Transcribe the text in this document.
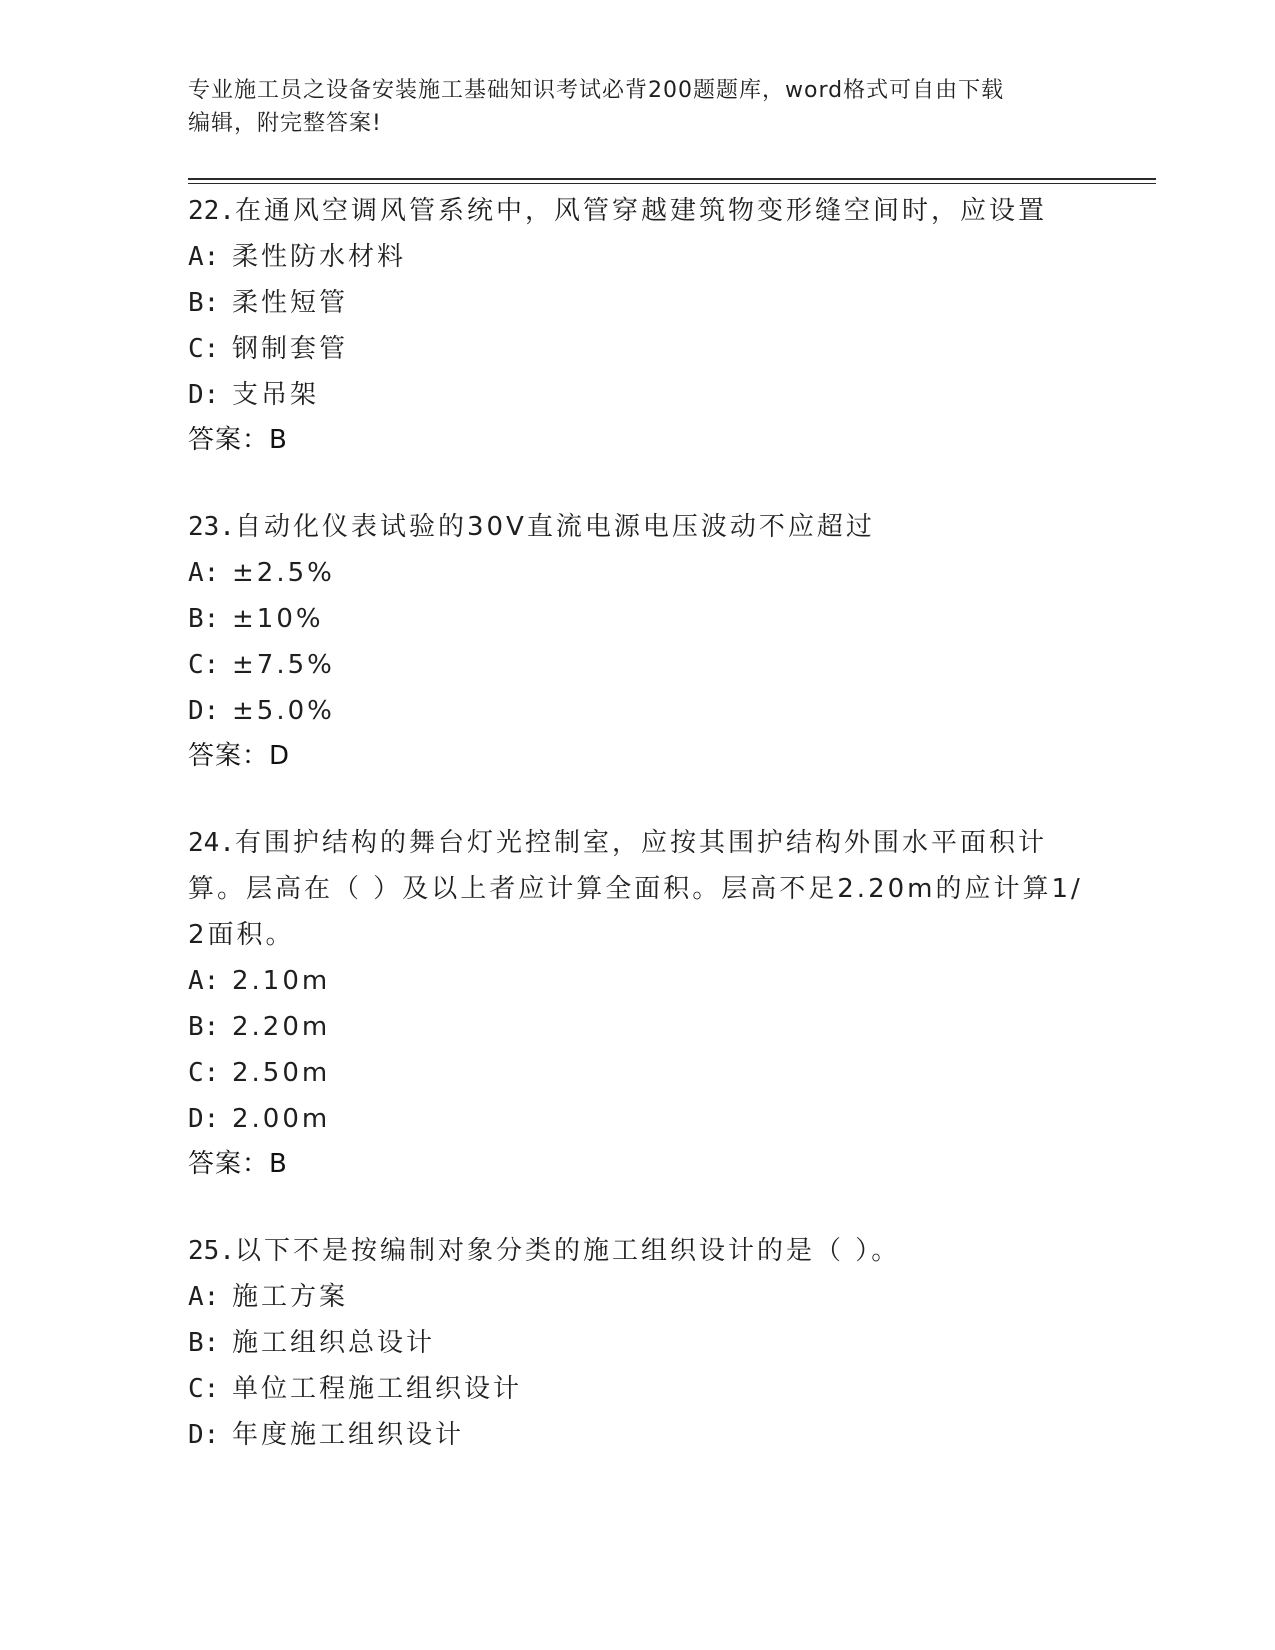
专业施工员之设备安装施工基础知识考试必背200题题库，word格式可自由下载
编辑，附完整答案!
22.在通风空调风管系统中，风管穿越建筑物变形缝空间时，应设置
A: 柔性防水材料
B: 柔性短管
C: 钢制套管
D: 支吊架
答案：B
23.自动化仪表试验的30V直流电源电压波动不应超过
A: ±2.5%
B: ±10%
C: ±7.5%
D: ±5.0%
答案：D
24.有围护结构的舞台灯光控制室，应按其围护结构外围水平面积计算。层高在（ ）及以上者应计算全面积。层高不足2.20m的应计算1/2面积。
A: 2.10m
B: 2.20m
C: 2.50m
D: 2.00m
答案：B
25.以下不是按编制对象分类的施工组织设计的是（ ）。
A: 施工方案
B: 施工组织总设计
C: 单位工程施工组织设计
D: 年度施工组织设计
